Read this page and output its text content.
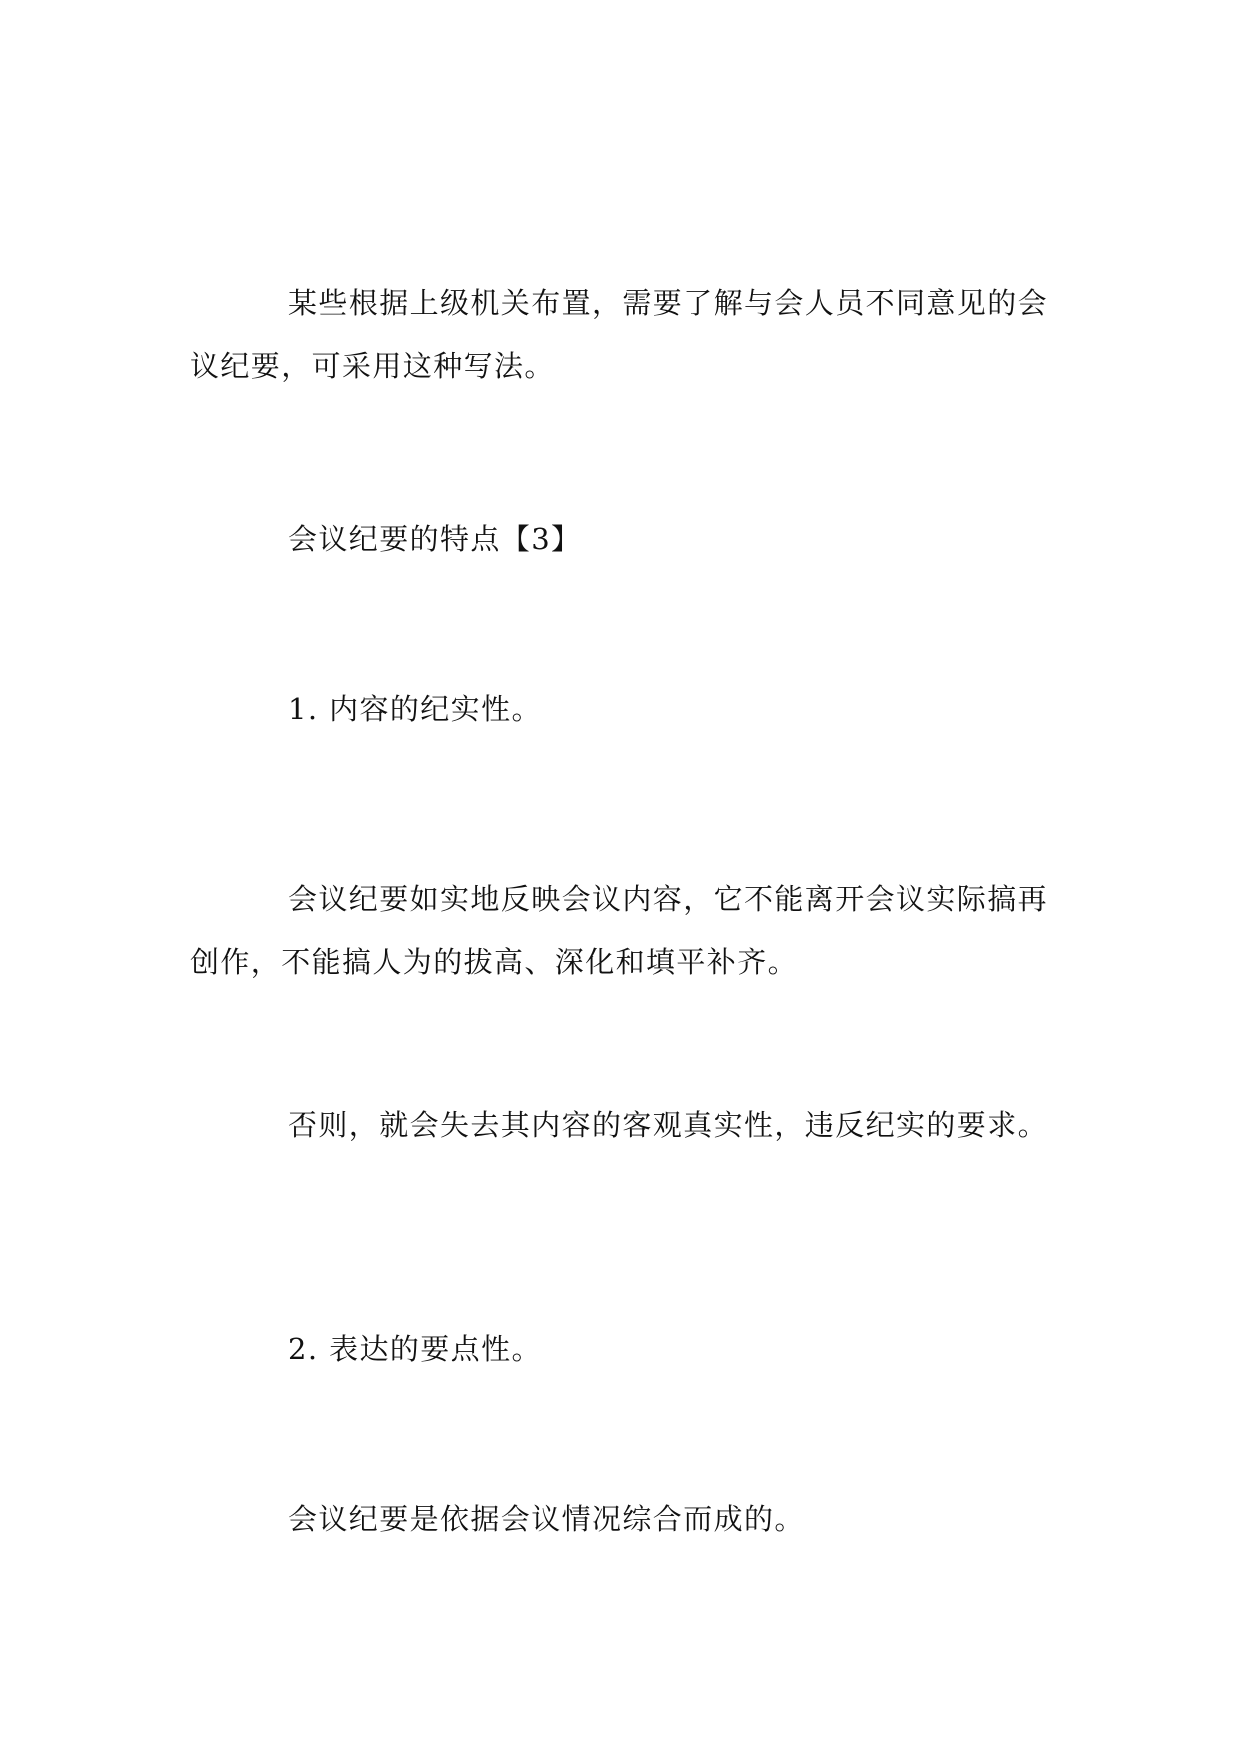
某些根据上级机关布置，需要了解与会人员不同意见的会议纪要，可采用这种写法。

会议纪要的特点【3】

1. 内容的纪实性。

会议纪要如实地反映会议内容，它不能离开会议实际搞再创作，不能搞人为的拔高、深化和填平补齐。

否则，就会失去其内容的客观真实性，违反纪实的要求。

2. 表达的要点性。

会议纪要是依据会议情况综合而成的。
